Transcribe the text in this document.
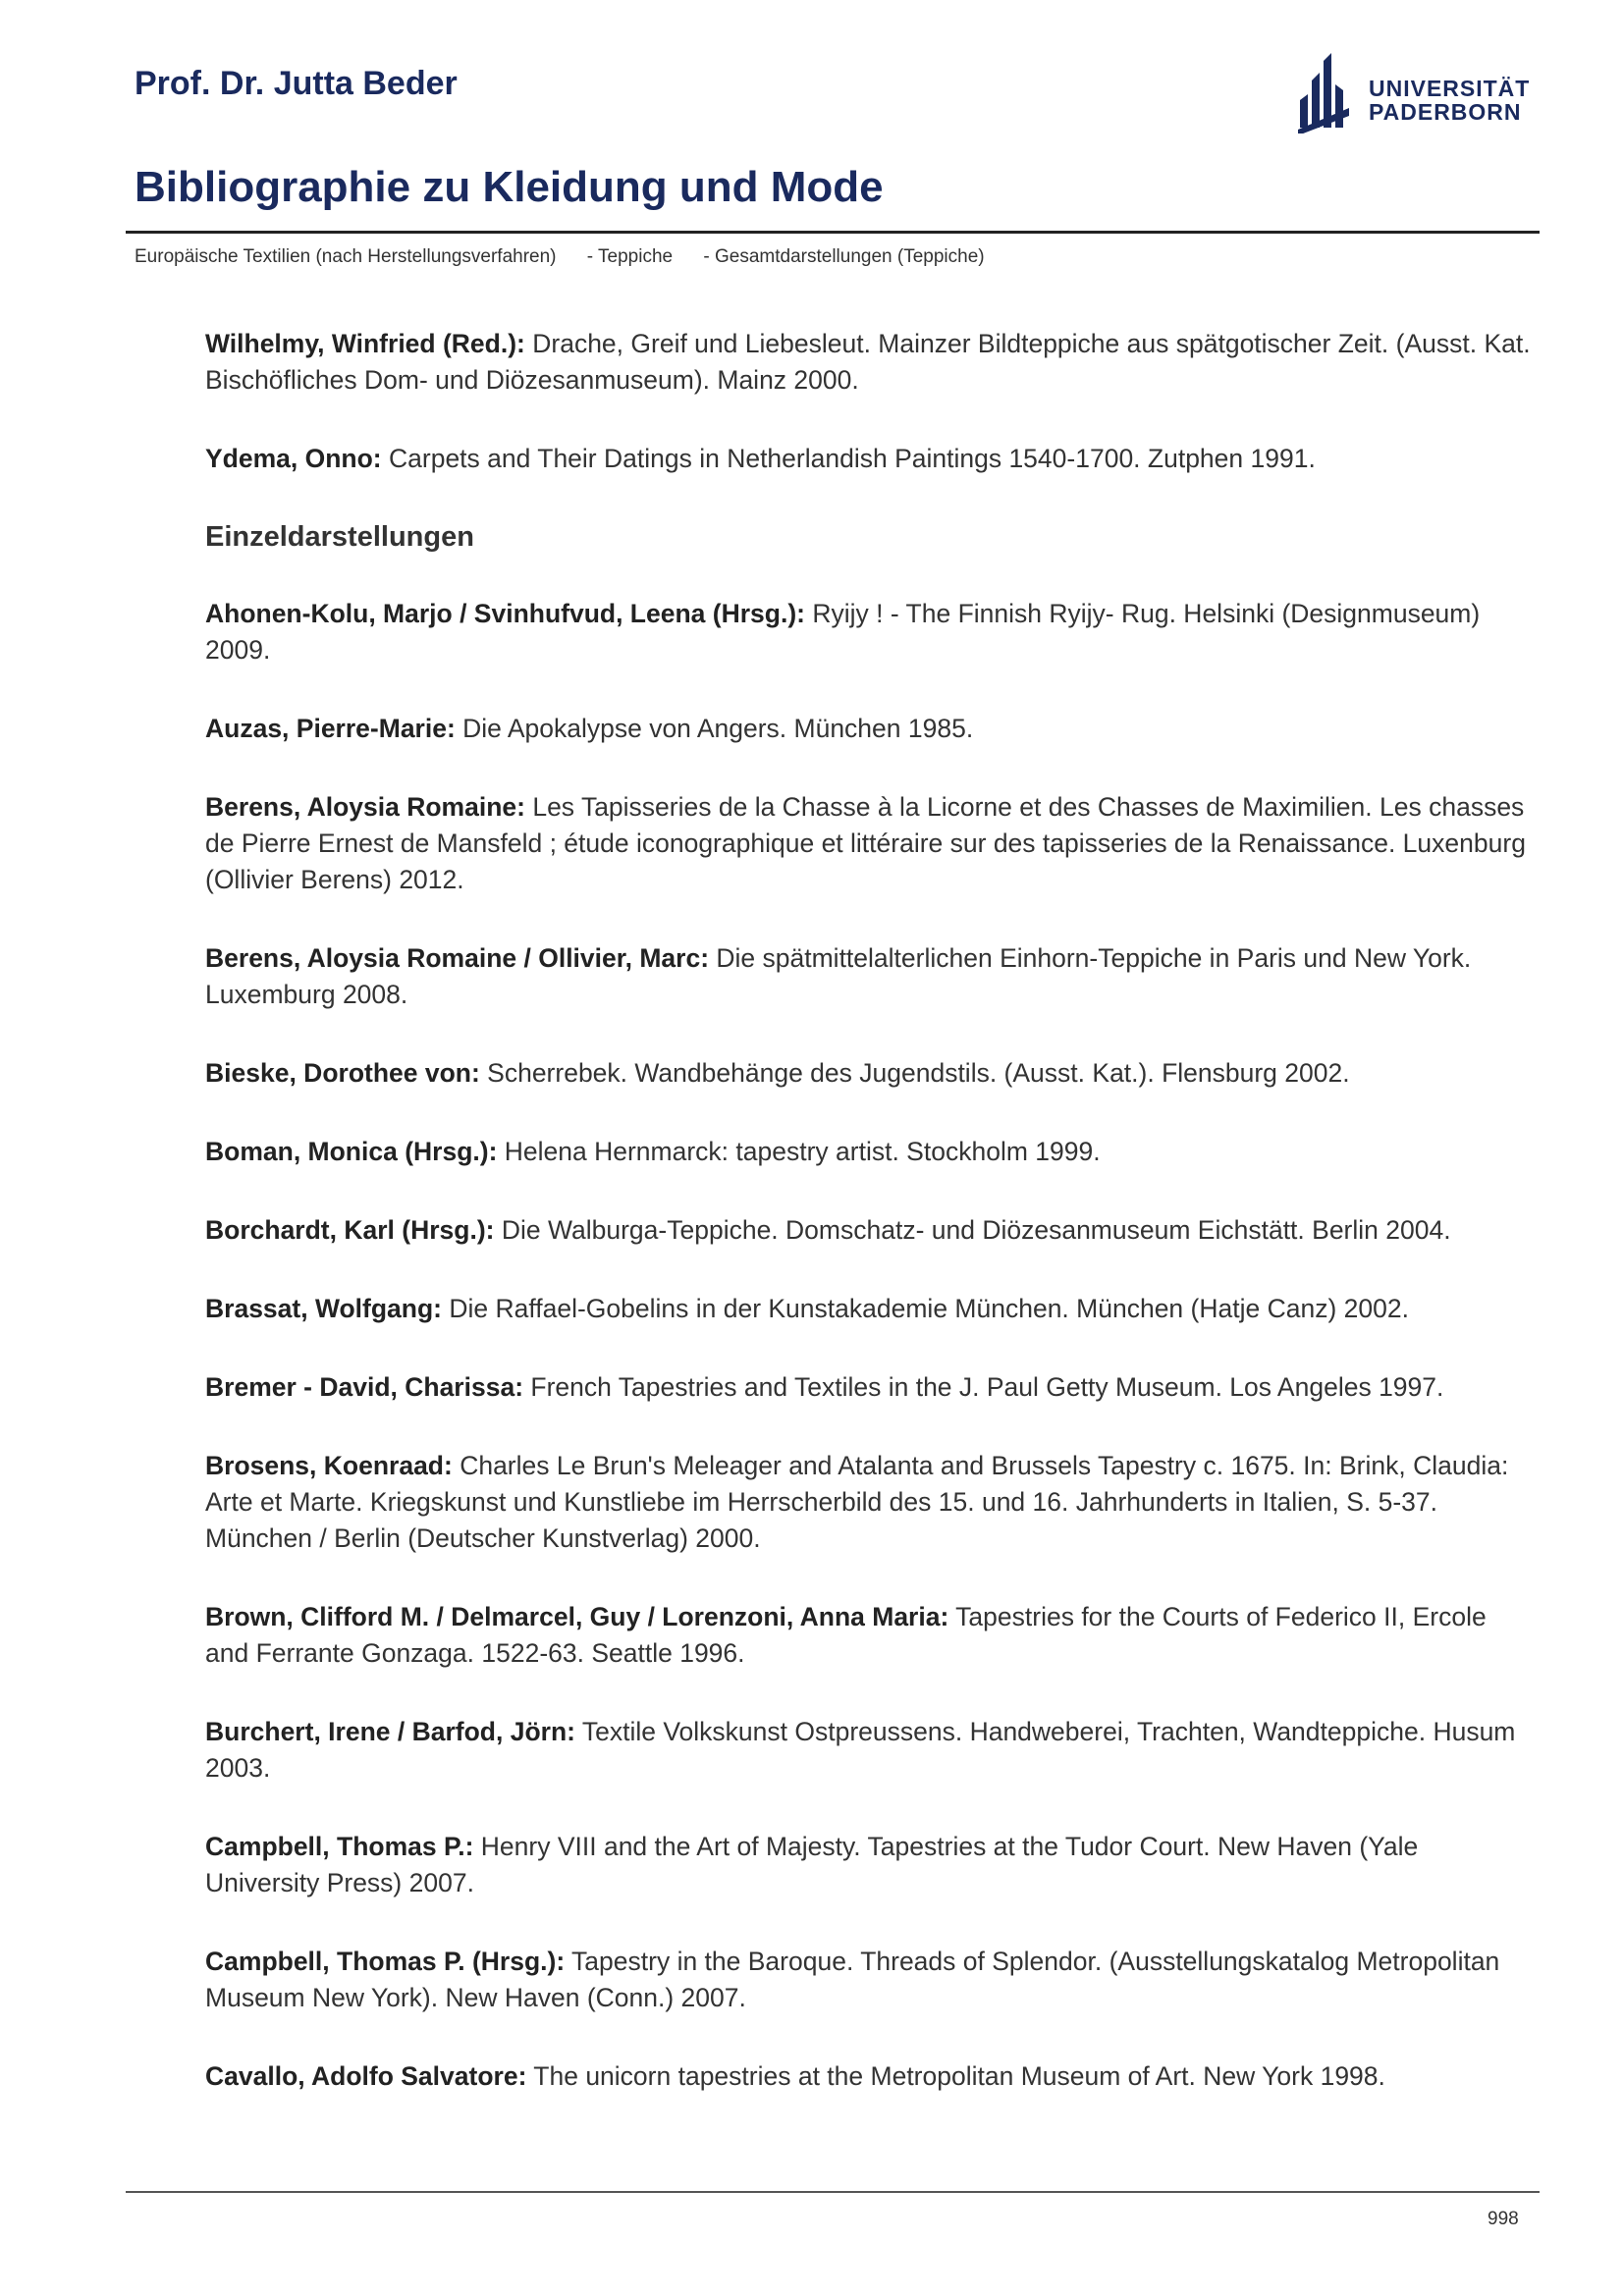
Prof. Dr. Jutta Beder	UNIVERSITÄT
PADERBORN
Bibliographie zu Kleidung und Mode
Europäische Textilien (nach Herstellungsverfahren) - Teppiche - Gesamtdarstellungen (Teppiche)
Wilhelmy, Winfried (Red.): Drache, Greif und Liebesleut. Mainzer Bildteppiche aus spätgotischer Zeit. (Ausst. Kat. Bischöfliches Dom- und Diözesanmuseum). Mainz 2000.
Ydema, Onno: Carpets and Their Datings in Netherlandish Paintings 1540-1700. Zutphen 1991.
Einzeldarstellungen
Ahonen-Kolu, Marjo / Svinhufvud, Leena (Hrsg.): Ryijy ! - The Finnish Ryijy- Rug. Helsinki (Designmuseum) 2009.
Auzas, Pierre-Marie: Die Apokalypse von Angers. München 1985.
Berens, Aloysia Romaine: Les Tapisseries de la Chasse à la Licorne et des Chasses de Maximilien. Les chasses de Pierre Ernest de Mansfeld ; étude iconographique et littéraire sur des tapisseries de la Renaissance. Luxenburg (Ollivier Berens) 2012.
Berens, Aloysia Romaine / Ollivier, Marc: Die spätmittelalterlichen Einhorn-Teppiche in Paris und New York. Luxemburg 2008.
Bieske, Dorothee von: Scherrebek. Wandbehänge des Jugendstils. (Ausst. Kat.). Flensburg 2002.
Boman, Monica (Hrsg.): Helena Hernmarck: tapestry artist. Stockholm 1999.
Borchardt, Karl (Hrsg.): Die Walburga-Teppiche. Domschatz- und Diözesanmuseum Eichstätt. Berlin 2004.
Brassat, Wolfgang: Die Raffael-Gobelins in der Kunstakademie München. München (Hatje Canz) 2002.
Bremer - David, Charissa: French Tapestries and Textiles in the J. Paul Getty Museum. Los Angeles 1997.
Brosens, Koenraad: Charles Le Brun's Meleager and Atalanta and Brussels Tapestry c. 1675. In: Brink, Claudia: Arte et Marte. Kriegskunst und Kunstliebe im Herrscherbild des 15. und 16. Jahrhunderts in Italien, S. 5-37. München / Berlin (Deutscher Kunstverlag) 2000.
Brown, Clifford M. / Delmarcel, Guy / Lorenzoni, Anna Maria: Tapestries for the Courts of Federico II, Ercole and Ferrante Gonzaga. 1522-63. Seattle 1996.
Burchert, Irene / Barfod, Jörn: Textile Volkskunst Ostpreussens. Handweberei, Trachten, Wandteppiche. Husum 2003.
Campbell, Thomas P.: Henry VIII and the Art of Majesty. Tapestries at the Tudor Court. New Haven (Yale University Press) 2007.
Campbell, Thomas P. (Hrsg.): Tapestry in the Baroque. Threads of Splendor. (Ausstellungskatalog Metropolitan Museum New York). New Haven (Conn.) 2007.
Cavallo, Adolfo Salvatore: The unicorn tapestries at the Metropolitan Museum of Art. New York 1998.
998
